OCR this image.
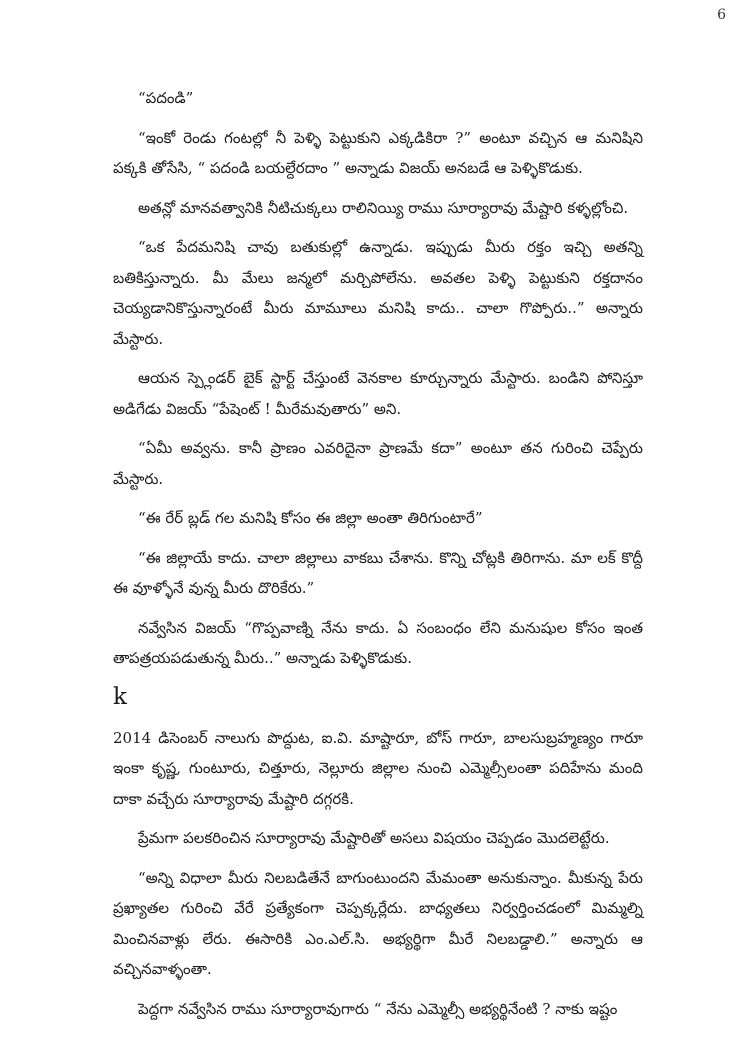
6

“పదండి”

“ఇంకో రెండు గంటల్లో నీ పెళ్ళి పెట్టుకుని ఎక్కడికిరా ?” అంటూ వచ్చిన ఆ మనిషిని పక్కకి తోసేసి, “ పదండి బయల్దేరదాం ” అన్నాడు విజయ్ అనబడే ఆ పెళ్ళికొడుకు.

అతన్లో మానవత్వానికి నీటిచుక్కలు రాలినియ్యి రాము సూర్యారావు మేష్టారి కళ్ళల్లోంచి.

“ఒక పేదమనిషి చావు బతుకుల్లో ఉన్నాడు. ఇప్పుడు మీరు రక్తం ఇచ్చి అతన్ని బతికిస్తున్నారు. మీ మేలు జన్మలో మర్చిపోలేను. అవతల పెళ్ళి పెట్టుకుని రక్తదానం చెయ్యడానికొస్తున్నారంటే మీరు మామూలు మనిషి కాదు.. చాలా గొప్పోరు..” అన్నారు మేస్టారు.

ఆయన స్ప్లెండర్ బైక్ స్టార్ట్ చేస్తుంటే వెనకాల కూర్చున్నారు మేస్టారు. బండిని పోనిస్తూ అడిగేడు విజయ్ “పేషెంట్ ! మీరేమవుతారు” అని.

“ఏమీ అవ్వను. కానీ ప్రాణం ఎవరిదైనా ప్రాణమే కదా” అంటూ తన గురించి చెప్పేరు మేస్టారు.

“ఈ రేర్ బ్లడ్ గల మనిషి కోసం ఈ జిల్లా అంతా తిరిగుంటారే”

“ఈ జిల్లాయే కాదు. చాలా జిల్లాలు వాకబు చేశాను. కొన్ని చోట్లకి తిరిగాను. మా లక్ కొద్దీ ఈ వూళ్ళోనే వున్న మీరు దొరికేరు.”

నవ్వేసిన విజయ్ “గొప్పవాణ్ని నేను కాదు. ఏ సంబంధం లేని మనుషుల కోసం ఇంత తాపత్రయపడుతున్న మీరు..” అన్నాడు పెళ్ళికొడుకు.

k

2014 డిసెంబర్ నాలుగు పొద్దుట, ఐ.వి. మాష్టారూ, బోస్ గారూ, బాలసుబ్రహ్మణ్యం గారూ ఇంకా కృష్ణ, గుంటూరు, చిత్తూరు, నెల్లూరు జిల్లాల నుంచి ఎమ్మెల్సీలంతా పదిహేను మంది దాకా వచ్చేరు సూర్యారావు మేష్టారి దగ్గరకి.

ప్రేమగా పలకరించిన సూర్యారావు మేష్టారితో అసలు విషయం చెప్పడం మొదలెట్టేరు.

“అన్ని విధాలా మీరు నిలబడితేనే బాగుంటుందని మేమంతా అనుకున్నాం. మీకున్న పేరు ప్రఖ్యాతల గురించి వేరే ప్రత్యేకంగా చెప్పక్కర్లేదు. బాధ్యతలు నిర్వర్తించడంలో మిమ్మల్ని మించినవాళ్లు లేరు. ఈసారికి ఎం.ఎల్.సి. అభ్యర్థిగా మీరే నిలబడ్డాలి.” అన్నారు ఆ వచ్చినవాళ్ళంతా.

పెద్దగా నవ్వేసిన రాము సూర్యారావుగారు “ నేను ఎమ్మెల్సీ అభ్యర్థినేంటి ? నాకు ఇష్టం
